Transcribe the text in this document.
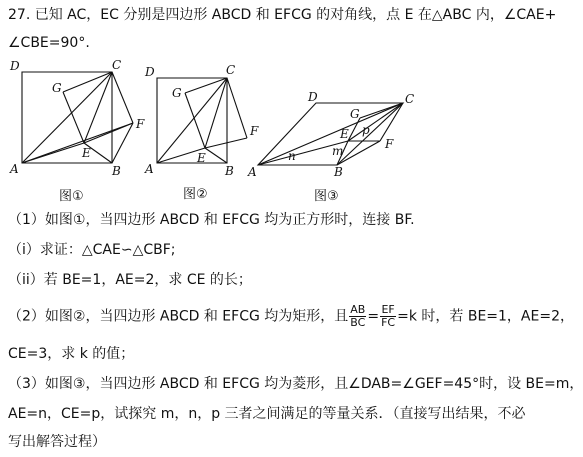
27. 已知 AC，EC 分别是四边形 ABCD 和 EFCG 的对角线，点 E 在△ABC 内，∠CAE+
∠CBE=90°.
D	C
A	B
G
E
F
D	C
A	B
G
E
F
A	B
C
D
E
F
G
m
n
p
图①	图②	图③
（1）如图①，当四边形 ABCD 和 EFCG 均为正方形时，连接 BF.
（i）求证：△CAE∽△CBF;
（ii）若 BE=1，AE=2，求 CE 的长；
（2）如图②，当四边形 ABCD 和 EFCG 均为矩形，且 $\frac{AB}{BC} = \frac{EF}{FC} =k$ 时，若 BE=1，AE=2，
CE=3，求 k 的值；
（3）如图③，当四边形 ABCD 和 EFCG 均为菱形，且∠DAB=∠GEF=45°时，设 BE=m，
AE=n，CE=p，试探究 m，n，p 三者之间满足的等量关系．（直接写出结果，不必
写出解答过程）
